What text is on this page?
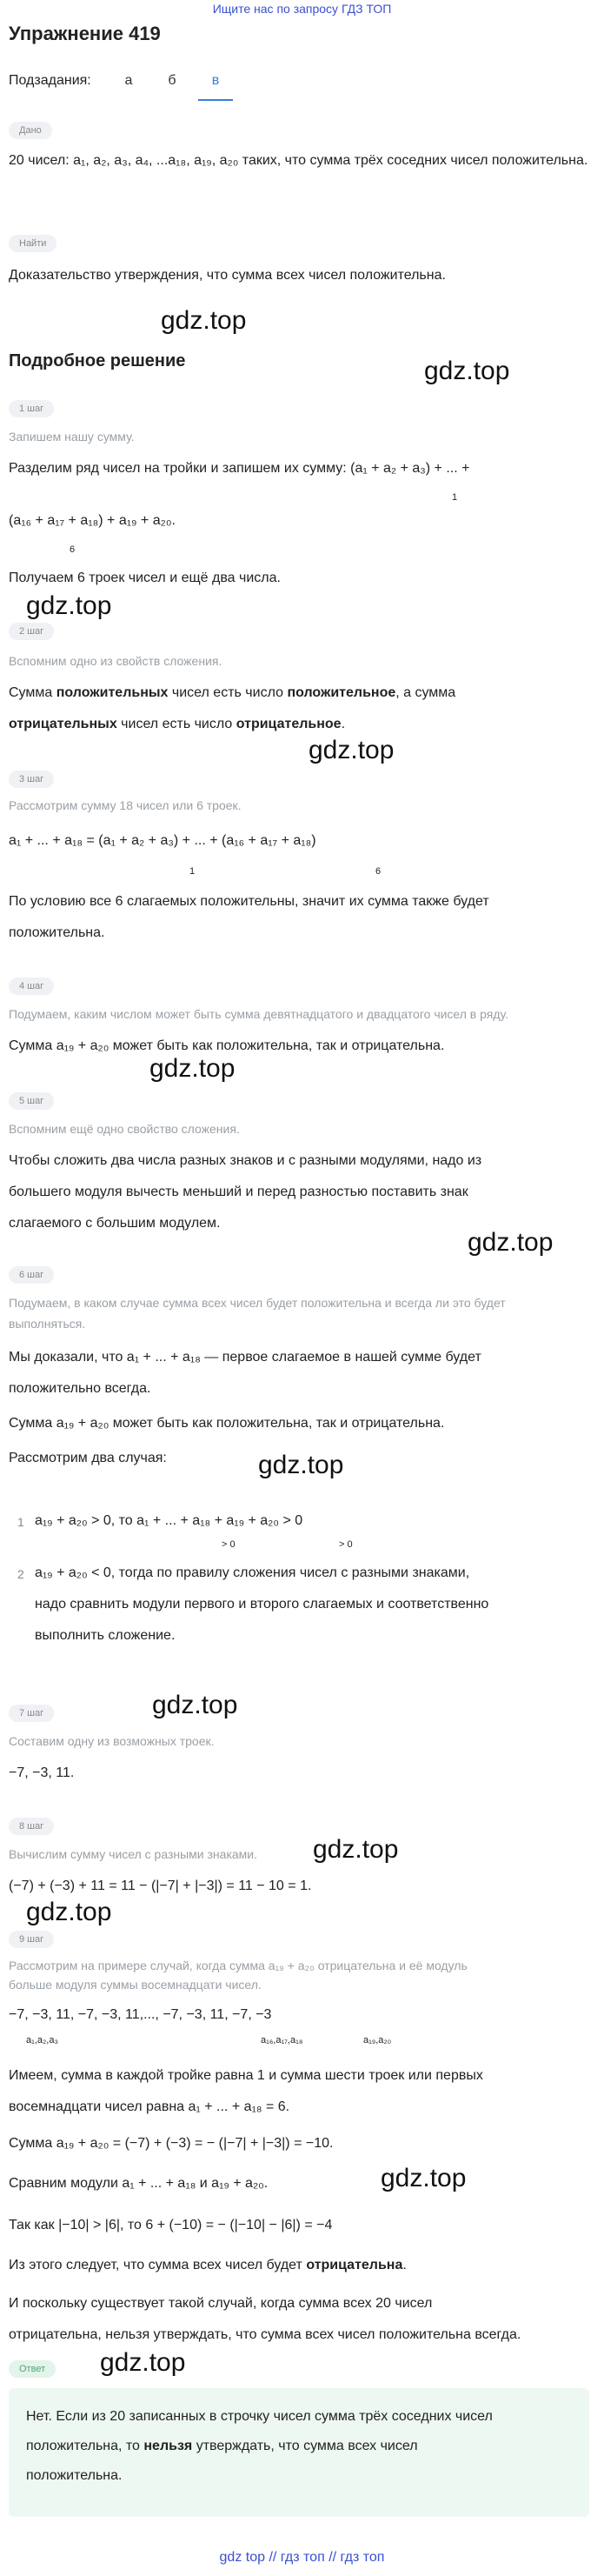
Ищите нас по запросу ГДЗ ТОП
Упражнение 419
Подзадания:	а	б	в
Дано
20 чисел: a₁, a₂, a₃, a₄, ...a₁₈, a₁₉, a₂₀ таких, что сумма трёх соседних чисел положительна.
Найти
Доказательство утверждения, что сумма всех чисел положительна.
gdz.top
Подробное решение	gdz.top
1 шаг
Запишем нашу сумму.
Разделим ряд чисел на тройки и запишем их сумму: (a₁ + a₂ + a₃) + ... +
1
(a₁₆ + a₁₇ + a₁₈) + a₁₉ + a₂₀.
6
Получаем 6 троек чисел и ещё два числа.
gdz.top
2 шаг
Вспомним одно из свойств сложения.
Сумма положительных чисел есть число положительное, а сумма
отрицательных чисел есть число отрицательное.
gdz.top
3 шаг
Рассмотрим сумму 18 чисел или 6 троек.
a₁ + ... + a₁₈ = (a₁ + a₂ + a₃) + ... + (a₁₆ + a₁₇ + a₁₈)
1	6
По условию все 6 слагаемых положительны, значит их сумма также будет
положительна.
4 шаг
Подумаем, каким числом может быть сумма девятнадцатого и двадцатого чисел в ряду.
Сумма a₁₉ + a₂₀ может быть как положительна, так и отрицательна.
gdz.top
5 шаг
Вспомним ещё одно свойство сложения.
Чтобы сложить два числа разных знаков и с разными модулями, надо из
большего модуля вычесть меньший и перед разностью поставить знак
слагаемого с большим модулем.
gdz.top
6 шаг
Подумаем, в каком случае сумма всех чисел будет положительна и всегда ли это будет
выполняться.
Мы доказали, что a₁ + ... + a₁₈ — первое слагаемое в нашей сумме будет
положительно всегда.
Сумма a₁₉ + a₂₀ может быть как положительна, так и отрицательна.
Рассмотрим два случая:	gdz.top
1 a₁₉ + a₂₀ > 0, то a₁ + ... + a₁₈ + a₁₉ + a₂₀ > 0
> 0	> 0
2 a₁₉ + a₂₀ < 0, тогда по правилу сложения чисел с разными знаками,
надо сравнить модули первого и второго слагаемых и соответственно
выполнить сложение.
gdz.top
7 шаг
Составим одну из возможных троек.
−7, −3, 11.
8 шаг
Вычислим сумму чисел с разными знаками.	gdz.top
(−7) + (−3) + 11 = 11 − (|−7| + |−3|) = 11 − 10 = 1.
gdz.top
9 шаг
Рассмотрим на примере случай, когда сумма a₁₉ + a₂₀ отрицательна и её модуль
больше модуля суммы восемнадцати чисел.
−7, −3, 11, −7, −3, 11,..., −7, −3, 11, −7, −3
a₁,a₂,a₃	a₁₆,a₁₇,a₁₈	a₁₉,a₂₀
Имеем, сумма в каждой тройке равна 1 и сумма шести троек или первых
восемнадцати чисел равна a₁ + ... + a₁₈ = 6.
Сумма a₁₉ + a₂₀ = (−7) + (−3) = − (|−7| + |−3|) = −10.
Сравним модули a₁ + ... + a₁₈ и a₁₉ + a₂₀.	gdz.top
Так как |−10| > |6|, то 6 + (−10) = − (|−10| − |6|) = −4
Из этого следует, что сумма всех чисел будет отрицательна.
И поскольку существует такой случай, когда сумма всех 20 чисел
отрицательна, нельзя утверждать, что сумма всех чисел положительна всегда.
gdz.top
Ответ
Нет. Если из 20 записанных в строчку чисел сумма трёх соседних чисел
положительна, то нельзя утверждать, что сумма всех чисел
положительна.
gdz top // гдз топ // гдз топ
